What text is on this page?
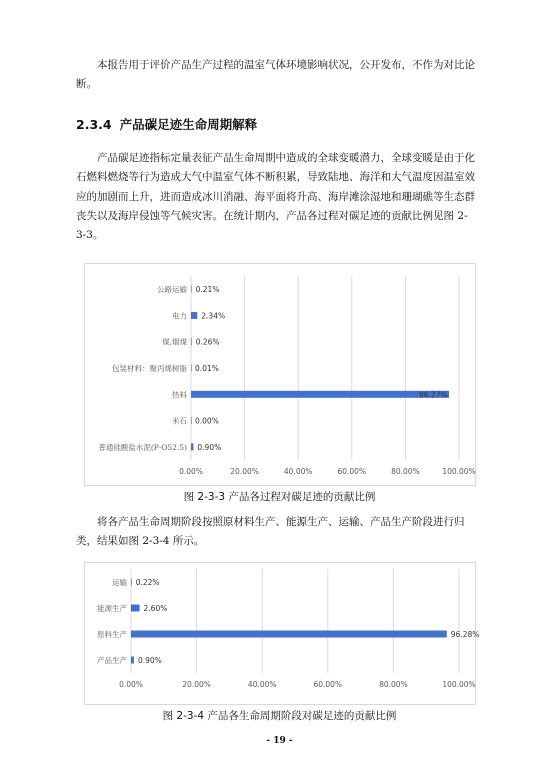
本报告用于评价产品生产过程的温室气体环境影响状况，公开发布，不作为对比论断。

2.3.4 产品碳足迹生命周期解释

产品碳足迹指标定量表征产品生命周期中造成的全球变暖潜力，全球变暖是由于化石燃料燃烧等行为造成大气中温室气体不断积累，导致陆地、海洋和大气温度因温室效应的加剧而上升，进而造成冰川消融、海平面将升高、海岸滩涂湿地和珊瑚礁等生态群丧失以及海岸侵蚀等气候灾害。在统计期内，产品各过程对碳足迹的贡献比例见图 2-3-3。

0.00%	20.00%	40.00%	60.00%	80.00%	100.00%
公路运输 0.21%
电力 2.34%
煤,烟煤 0.26%
包装材料：聚丙烯树脂 0.01%
热料	96.27%
米石 0.00%
普通硅酸盐水泥(P·O52.5) 0.90%
图 2-3-3 产品各过程对碳足迹的贡献比例

将各产品生命周期阶段按照原材料生产、能源生产、运输、产品生产阶段进行归类，结果如图 2-3-4 所示。

0.00%	20.00%	40.00%	60.00%	80.00%	100.00%
运输 0.22%
能源生产 2.60%
原料生产	96.28%
产品生产 0.90%
图 2-3-4 产品各生命周期阶段对碳足迹的贡献比例
- 19 -
